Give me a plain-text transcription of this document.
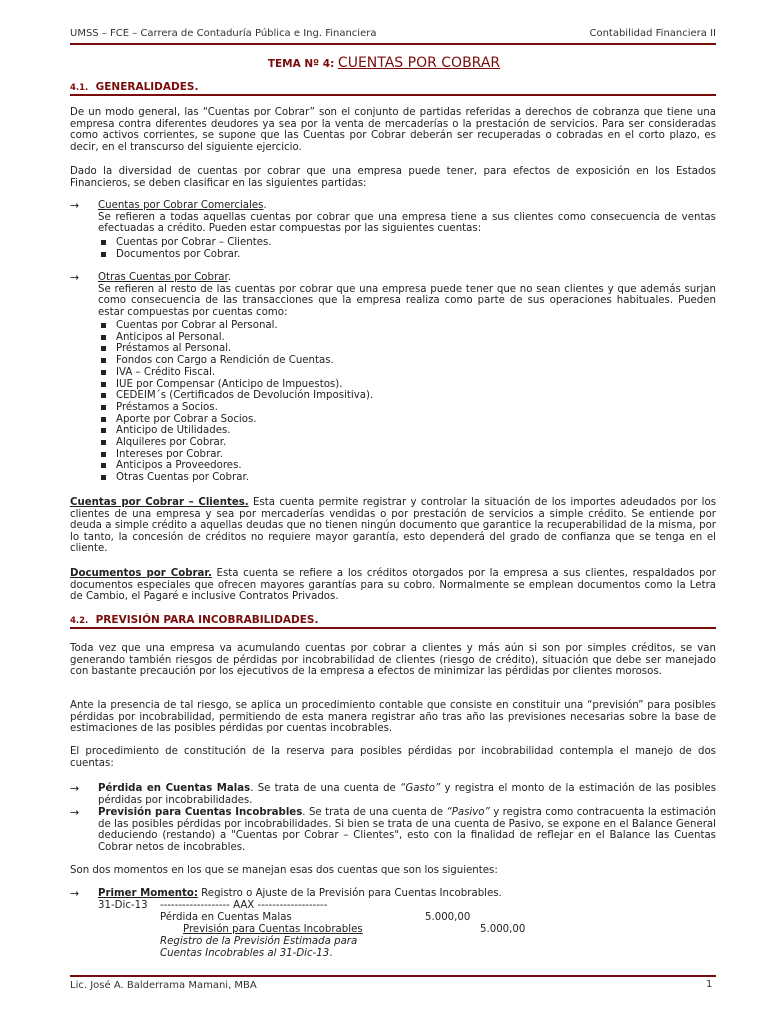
UMSS – FCE – Carrera de Contaduría Pública e Ing. Financiera	Contabilidad Financiera II
TEMA Nº 4: CUENTAS POR COBRAR
4.1. GENERALIDADES.
De un modo general, las “Cuentas por Cobrar” son el conjunto de partidas referidas a derechos de cobranza que tiene una empresa contra diferentes deudores ya sea por la venta de mercaderías o la prestación de servicios. Para ser consideradas como activos corrientes, se supone que las Cuentas por Cobrar deberán ser recuperadas o cobradas en el corto plazo, es decir, en el transcurso del siguiente ejercicio.
Dado la diversidad de cuentas por cobrar que una empresa puede tener, para efectos de exposición en los Estados Financieros, se deben clasificar en las siguientes partidas:
→ Cuentas por Cobrar Comerciales.
Se refieren a todas aquellas cuentas por cobrar que una empresa tiene a sus clientes como consecuencia de ventas efectuadas a crédito. Pueden estar compuestas por las siguientes cuentas:
Cuentas por Cobrar – Clientes.
Documentos por Cobrar.
→ Otras Cuentas por Cobrar.
Se refieren al resto de las cuentas por cobrar que una empresa puede tener que no sean clientes y que además surjan como consecuencia de las transacciones que la empresa realiza como parte de sus operaciones habituales. Pueden estar compuestas por cuentas como:
Cuentas por Cobrar al Personal.
Anticipos al Personal.
Préstamos al Personal.
Fondos con Cargo a Rendición de Cuentas.
IVA – Crédito Fiscal.
IUE por Compensar (Anticipo de Impuestos).
CEDEIM´s (Certificados de Devolución Impositiva).
Préstamos a Socios.
Aporte por Cobrar a Socios.
Anticipo de Utilidades.
Alquileres por Cobrar.
Intereses por Cobrar.
Anticipos a Proveedores.
Otras Cuentas por Cobrar.
Cuentas por Cobrar – Clientes. Esta cuenta permite registrar y controlar la situación de los importes adeudados por los clientes de una empresa y sea por mercaderías vendidas o por prestación de servicios a simple crédito. Se entiende por deuda a simple crédito a aquellas deudas que no tienen ningún documento que garantice la recuperabilidad de la misma, por lo tanto, la concesión de créditos no requiere mayor garantía, esto dependerá del grado de confianza que se tenga en el cliente.
Documentos por Cobrar. Esta cuenta se refiere a los créditos otorgados por la empresa a sus clientes, respaldados por documentos especiales que ofrecen mayores garantías para su cobro. Normalmente se emplean documentos como la Letra de Cambio, el Pagaré e inclusive Contratos Privados.
4.2. PREVISIÓN PARA INCOBRABILIDADES.
Toda vez que una empresa va acumulando cuentas por cobrar a clientes y más aún si son por simples créditos, se van generando también riesgos de pérdidas por incobrabilidad de clientes (riesgo de crédito), situación que debe ser manejado con bastante precaución por los ejecutivos de la empresa a efectos de minimizar las pérdidas por clientes morosos.
Ante la presencia de tal riesgo, se aplica un procedimiento contable que consiste en constituir una “previsión” para posibles pérdidas por incobrabilidad, permitiendo de esta manera registrar año tras año las previsiones necesarias sobre la base de estimaciones de las posibles pérdidas por cuentas incobrables.
El procedimiento de constitución de la reserva para posibles pérdidas por incobrabilidad contempla el manejo de dos cuentas:
→ Pérdida en Cuentas Malas. Se trata de una cuenta de “Gasto” y registra el monto de la estimación de las posibles pérdidas por incobrabilidades.
→ Previsión para Cuentas Incobrables. Se trata de una cuenta de “Pasivo” y registra como contracuenta la estimación de las posibles pérdidas por incobrabilidades. Si bien se trata de una cuenta de Pasivo, se expone en el Balance General deduciendo (restando) a "Cuentas por Cobrar – Clientes", esto con la finalidad de reflejar en el Balance las Cuentas Cobrar netos de incobrables.
Son dos momentos en los que se manejan esas dos cuentas que son los siguientes:
→ Primer Momento: Registro o Ajuste de la Previsión para Cuentas Incobrables.
31-Dic-13 ------------------- AAX -------------------
Pérdida en Cuentas Malas	5.000,00
Previsión para Cuentas Incobrables	5.000,00
Registro de la Previsión Estimada para
Cuentas Incobrables al 31-Dic-13.
Lic. José A. Balderrama Mamani, MBA	1
